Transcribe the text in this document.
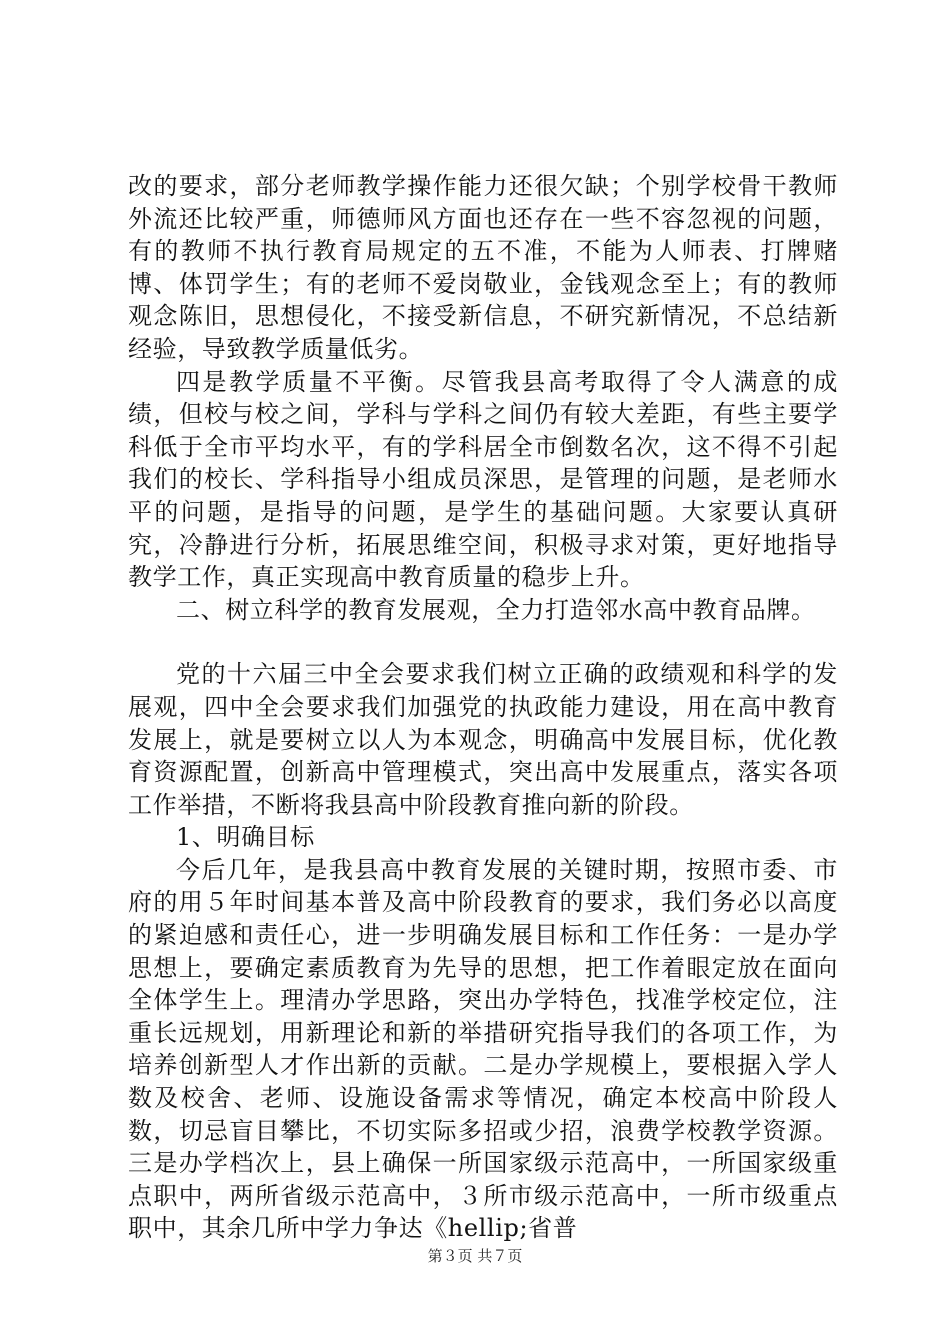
改的要求，部分老师教学操作能力还很欠缺；个别学校骨干教师外流还比较严重，师德师风方面也还存在一些不容忽视的问题，有的教师不执行教育局规定的五不准，不能为人师表、打牌赌博、体罚学生；有的老师不爱岗敬业，金钱观念至上；有的教师观念陈旧，思想侵化，不接受新信息，不研究新情况，不总结新经验，导致教学质量低劣。

四是教学质量不平衡。尽管我县高考取得了令人满意的成绩，但校与校之间，学科与学科之间仍有较大差距，有些主要学科低于全市平均水平，有的学科居全市倒数名次，这不得不引起我们的校长、学科指导小组成员深思，是管理的问题，是老师水平的问题，是指导的问题，是学生的基础问题。大家要认真研究，冷静进行分析，拓展思维空间，积极寻求对策，更好地指导教学工作，真正实现高中教育质量的稳步上升。

二、树立科学的教育发展观，全力打造邻水高中教育品牌。

党的十六届三中全会要求我们树立正确的政绩观和科学的发展观，四中全会要求我们加强党的执政能力建设，用在高中教育发展上，就是要树立以人为本观念，明确高中发展目标，优化教育资源配置，创新高中管理模式，突出高中发展重点，落实各项工作举措，不断将我县高中阶段教育推向新的阶段。

1、明确目标

今后几年，是我县高中教育发展的关键时期，按照市委、市府的用５年时间基本普及高中阶段教育的要求，我们务必以高度的紧迫感和责任心，进一步明确发展目标和工作任务：一是办学思想上，要确定素质教育为先导的思想，把工作着眼定放在面向全体学生上。理清办学思路，突出办学特色，找准学校定位，注重长远规划，用新理论和新的举措研究指导我们的各项工作，为培养创新型人才作出新的贡献。二是办学规模上，要根据入学人数及校舍、老师、设施设备需求等情况，确定本校高中阶段人数，切忌盲目攀比，不切实际多招或少招，浪费学校教学资源。三是办学档次上，县上确保一所国家级示范高中，一所国家级重点职中，两所省级示范高中，３所市级示范高中，一所市级重点职中，其余几所中学力争达《hellip;省普

第３页 共７页
